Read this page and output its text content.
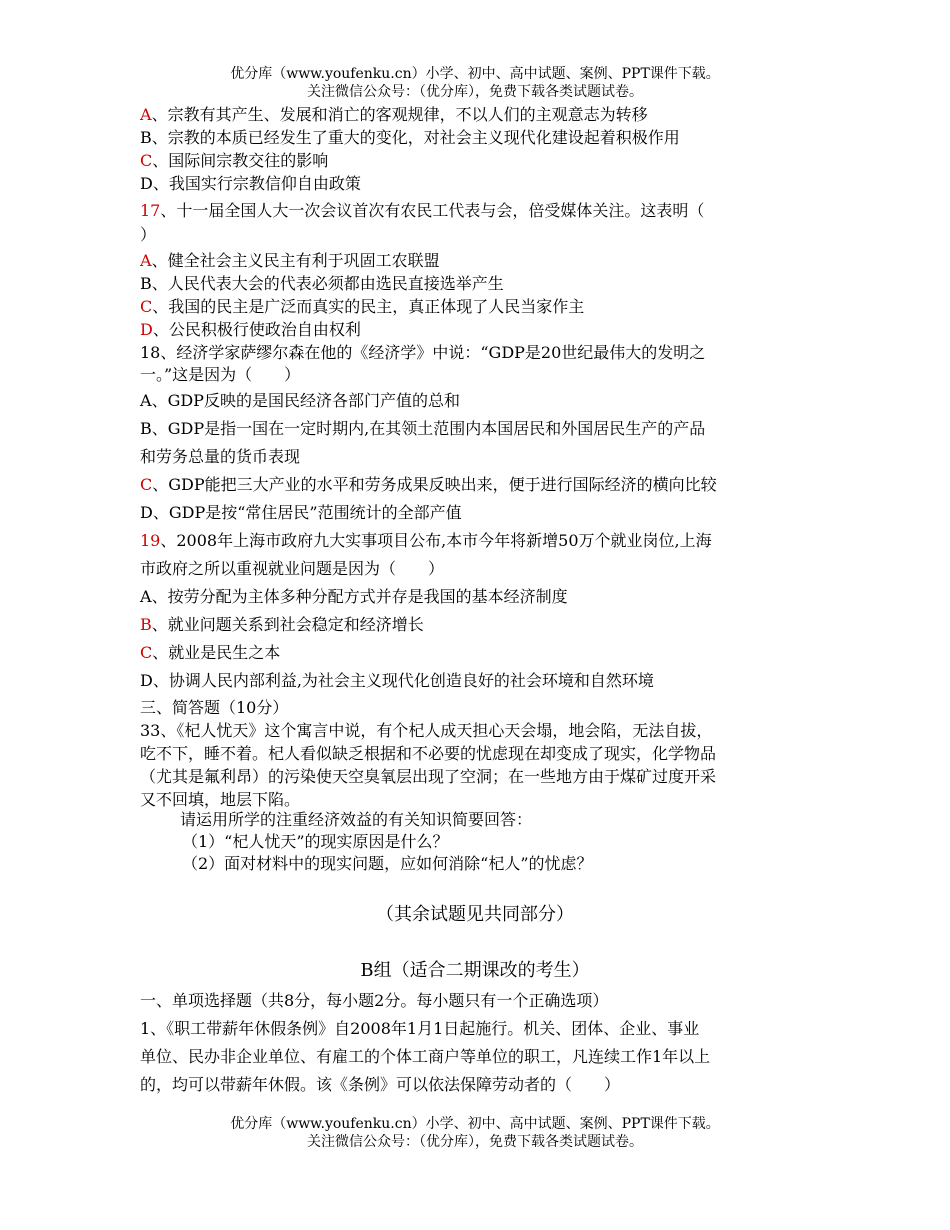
优分库（www.youfenku.cn）小学、初中、高中试题、案例、PPT课件下载。
关注微信公众号：（优分库），免费下载各类试题试卷。
A、宗教有其产生、发展和消亡的客观规律，不以人们的主观意志为转移
B、宗教的本质已经发生了重大的变化，对社会主义现代化建设起着积极作用
C、国际间宗教交往的影响
D、我国实行宗教信仰自由政策
17、十一届全国人大一次会议首次有农民工代表与会，倍受媒体关注。这表明（
）
A、健全社会主义民主有利于巩固工农联盟
B、人民代表大会的代表必须都由选民直接选举产生
C、我国的民主是广泛而真实的民主，真正体现了人民当家作主
D、公民积极行使政治自由权利
18、经济学家萨缪尔森在他的《经济学》中说：“GDP是20世纪最伟大的发明之
一。”这是因为（　　）
A、GDP反映的是国民经济各部门产值的总和
B、GDP是指一国在一定时期内,在其领土范围内本国居民和外国居民生产的产品
和劳务总量的货币表现
C、GDP能把三大产业的水平和劳务成果反映出来，便于进行国际经济的横向比较
D、GDP是按“常住居民”范围统计的全部产值
19、2008年上海市政府九大实事项目公布,本市今年将新增50万个就业岗位,上海
市政府之所以重视就业问题是因为（　　）
A、按劳分配为主体多种分配方式并存是我国的基本经济制度
B、就业问题关系到社会稳定和经济增长
C、就业是民生之本
D、协调人民内部利益,为社会主义现代化创造良好的社会环境和自然环境
三、简答题（10分）
33、《杞人忧天》这个寓言中说，有个杞人成天担心天会塌，地会陷，无法自拔，
吃不下，睡不着。杞人看似缺乏根据和不必要的忧虑现在却变成了现实，化学物品
（尤其是氟利昂）的污染使天空臭氧层出现了空洞；在一些地方由于煤矿过度开采
又不回填，地层下陷。
请运用所学的注重经济效益的有关知识简要回答：
（1）“杞人忧天”的现实原因是什么？
（2）面对材料中的现实问题，应如何消除“杞人”的忧虑？
（其余试题见共同部分）
B组（适合二期课改的考生）
一、单项选择题（共8分，每小题2分。每小题只有一个正确选项）
1、《职工带薪年休假条例》自2008年1月1日起施行。机关、团体、企业、事业
单位、民办非企业单位、有雇工的个体工商户等单位的职工，凡连续工作1年以上
的，均可以带薪年休假。该《条例》可以依法保障劳动者的（　　）
优分库（www.youfenku.cn）小学、初中、高中试题、案例、PPT课件下载。
关注微信公众号：（优分库），免费下载各类试题试卷。
